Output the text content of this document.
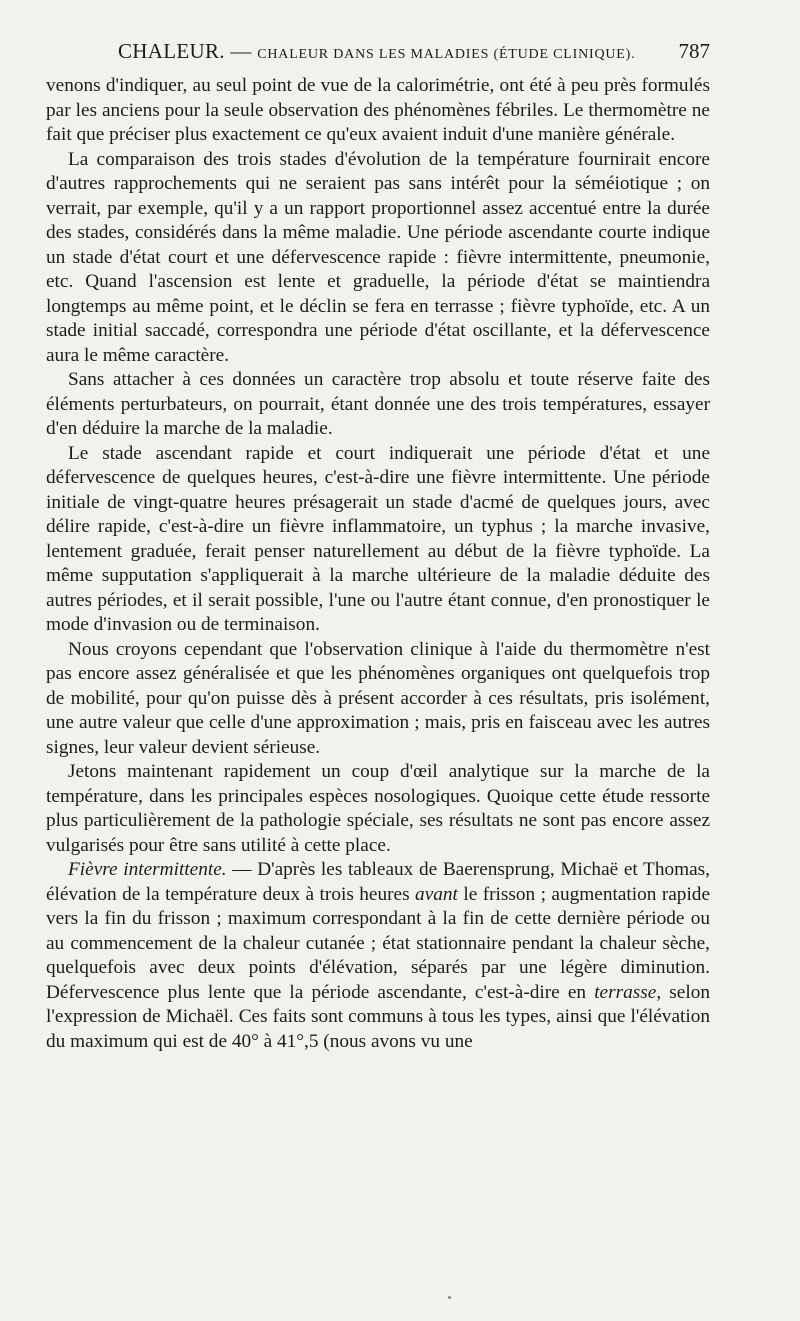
CHALEUR. — CHALEUR DANS LES MALADIES (ÉTUDE CLINIQUE). 787

venons d'indiquer, au seul point de vue de la calorimétrie, ont été à peu près formulés par les anciens pour la seule observation des phénomènes fébriles. Le thermomètre ne fait que préciser plus exactement ce qu'eux avaient induit d'une manière générale.

La comparaison des trois stades d'évolution de la température fournirait encore d'autres rapprochements qui ne seraient pas sans intérêt pour la séméiotique ; on verrait, par exemple, qu'il y a un rapport proportionnel assez accentué entre la durée des stades, considérés dans la même maladie. Une période ascendante courte indique un stade d'état court et une défervescence rapide : fièvre intermittente, pneumonie, etc. Quand l'ascension est lente et graduelle, la période d'état se maintiendra longtemps au même point, et le déclin se fera en terrasse ; fièvre typhoïde, etc. A un stade initial saccadé, correspondra une période d'état oscillante, et la défervescence aura le même caractère.

Sans attacher à ces données un caractère trop absolu et toute réserve faite des éléments perturbateurs, on pourrait, étant donnée une des trois températures, essayer d'en déduire la marche de la maladie.

Le stade ascendant rapide et court indiquerait une période d'état et une défervescence de quelques heures, c'est-à-dire une fièvre intermittente. Une période initiale de vingt-quatre heures présagerait un stade d'acmé de quelques jours, avec délire rapide, c'est-à-dire un fièvre inflammatoire, un typhus ; la marche invasive, lentement graduée, ferait penser naturellement au début de la fièvre typhoïde. La même supputation s'appliquerait à la marche ultérieure de la maladie déduite des autres périodes, et il serait possible, l'une ou l'autre étant connue, d'en pronostiquer le mode d'invasion ou de terminaison.

Nous croyons cependant que l'observation clinique à l'aide du thermomètre n'est pas encore assez généralisée et que les phénomènes organiques ont quelquefois trop de mobilité, pour qu'on puisse dès à présent accorder à ces résultats, pris isolément, une autre valeur que celle d'une approximation ; mais, pris en faisceau avec les autres signes, leur valeur devient sérieuse.

Jetons maintenant rapidement un coup d'œil analytique sur la marche de la température, dans les principales espèces nosologiques. Quoique cette étude ressorte plus particulièrement de la pathologie spéciale, ses résultats ne sont pas encore assez vulgarisés pour être sans utilité à cette place.

Fièvre intermittente. — D'après les tableaux de Baerensprung, Michaë et Thomas, élévation de la température deux à trois heures avant le frisson ; augmentation rapide vers la fin du frisson ; maximum correspondant à la fin de cette dernière période ou au commencement de la chaleur cutanée ; état stationnaire pendant la chaleur sèche, quelquefois avec deux points d'élévation, séparés par une légère diminution. Défervescence plus lente que la période ascendante, c'est-à-dire en terrasse, selon l'expression de Michaël. Ces faits sont communs à tous les types, ainsi que l'élévation du maximum qui est de 40° à 41°,5 (nous avons vu une
